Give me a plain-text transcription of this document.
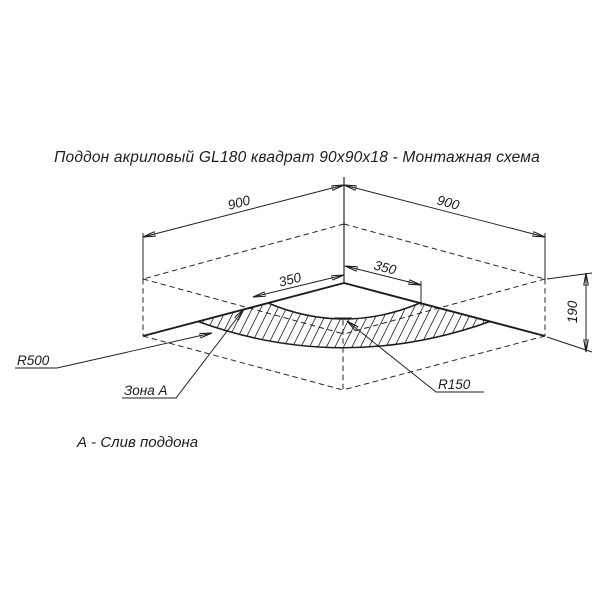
Поддон акриловый GL180 квадрат 90x90x18 - Монтажная схема
900	900
350
350
190
R500
Зона А	R150
А - Слив поддона
